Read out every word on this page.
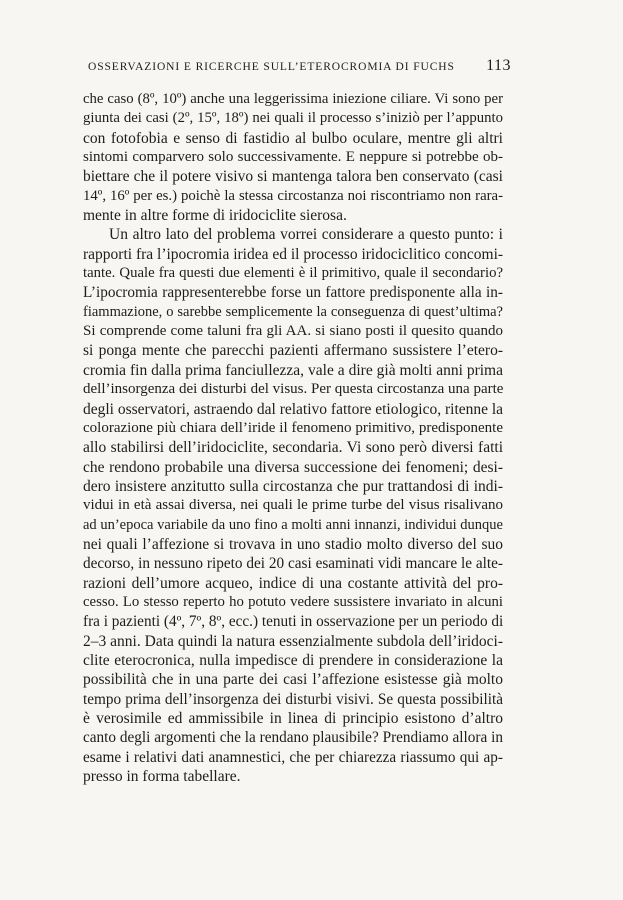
OSSERVAZIONI E RICERCHE SULL’ETEROCROMIA DI FUCHS 113
che caso (8º, 10º) anche una leggerissima iniezione ciliare. Vi sono per
giunta dei casi (2º, 15º, 18º) nei quali il processo s’iniziò per l’appunto
con fotofobia e senso di fastidio al bulbo oculare, mentre gli altri
sintomi comparvero solo successivamente. E neppure si potrebbe ob-
biettare che il potere visivo si mantenga talora ben conservato (casi
14º, 16º per es.) poichè la stessa circostanza noi riscontriamo non rara-
mente in altre forme di iridociclite sierosa.
Un altro lato del problema vorrei considerare a questo punto: i
rapporti fra l’ipocromia iridea ed il processo iridociclitico concomi-
tante. Quale fra questi due elementi è il primitivo, quale il secondario?
L’ipocromia rappresenterebbe forse un fattore predisponente alla in-
fiammazione, o sarebbe semplicemente la conseguenza di quest’ultima?
Si comprende come taluni fra gli AA. si siano posti il quesito quando
si ponga mente che parecchi pazienti affermano sussistere l’etero-
cromia fin dalla prima fanciullezza, vale a dire già molti anni prima
dell’insorgenza dei disturbi del visus. Per questa circostanza una parte
degli osservatori, astraendo dal relativo fattore etiologico, ritenne la
colorazione più chiara dell’iride il fenomeno primitivo, predisponente
allo stabilirsi dell’iridociclite, secondaria. Vi sono però diversi fatti
che rendono probabile una diversa successione dei fenomeni; desi-
dero insistere anzitutto sulla circostanza che pur trattandosi di indi-
vidui in età assai diversa, nei quali le prime turbe del visus risalivano
ad un’epoca variabile da uno fino a molti anni innanzi, individui dunque
nei quali l’affezione si trovava in uno stadio molto diverso del suo
decorso, in nessuno ripeto dei 20 casi esaminati vidi mancare le alte-
razioni dell’umore acqueo, indice di una costante attività del pro-
cesso. Lo stesso reperto ho potuto vedere sussistere invariato in alcuni
fra i pazienti (4º, 7º, 8º, ecc.) tenuti in osservazione per un periodo di
2–3 anni. Data quindi la natura essenzialmente subdola dell’iridoci-
clite eterocronica, nulla impedisce di prendere in considerazione la
possibilità che in una parte dei casi l’affezione esistesse già molto
tempo prima dell’insorgenza dei disturbi visivi. Se questa possibilità
è verosimile ed ammissibile in linea di principio esistono d’altro
canto degli argomenti che la rendano plausibile? Prendiamo allora in
esame i relativi dati anamnestici, che per chiarezza riassumo qui ap-
presso in forma tabellare.
